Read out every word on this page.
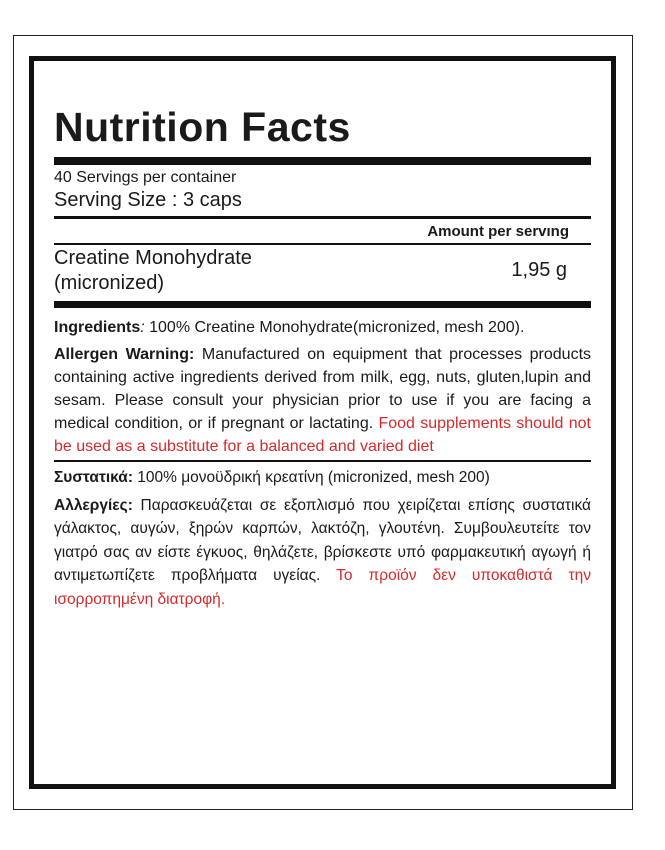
Nutrition Facts
40 Servings per container
Serving Size : 3 caps
Amount per servıng
Creatine Monohydrate
(micronized)
1,95 g

Ingredients: 100% Creatine Monohydrate(micronized, mesh 200).

Allergen Warning: Manufactured on equipment that processes products containing active ingredients derived from milk, egg, nuts, gluten,lupin and sesam. Please consult your physician prior to use if you are facing a medical condition, or if pregnant or lactating. Food supplements should not be used as a substitute for a balanced and varied diet

Συστατικά: 100% μονοϋδρική κρεατίνη (micronized, mesh 200)

Αλλεργίες: Παρασκευάζεται σε εξοπλισμό που χειρίζεται επίσης συστατικά γάλακτος, αυγών, ξηρών καρπών, λακτόζη, γλουτένη. Συμβουλευτείτε τον γιατρό σας αν είστε έγκυος, θηλάζετε, βρίσκεστε υπό φαρμακευτική αγωγή ή αντιμετωπίζετε προβλήματα υγείας. Το προϊόν δεν υποκαθιστά την ισορροπημένη διατροφή.
